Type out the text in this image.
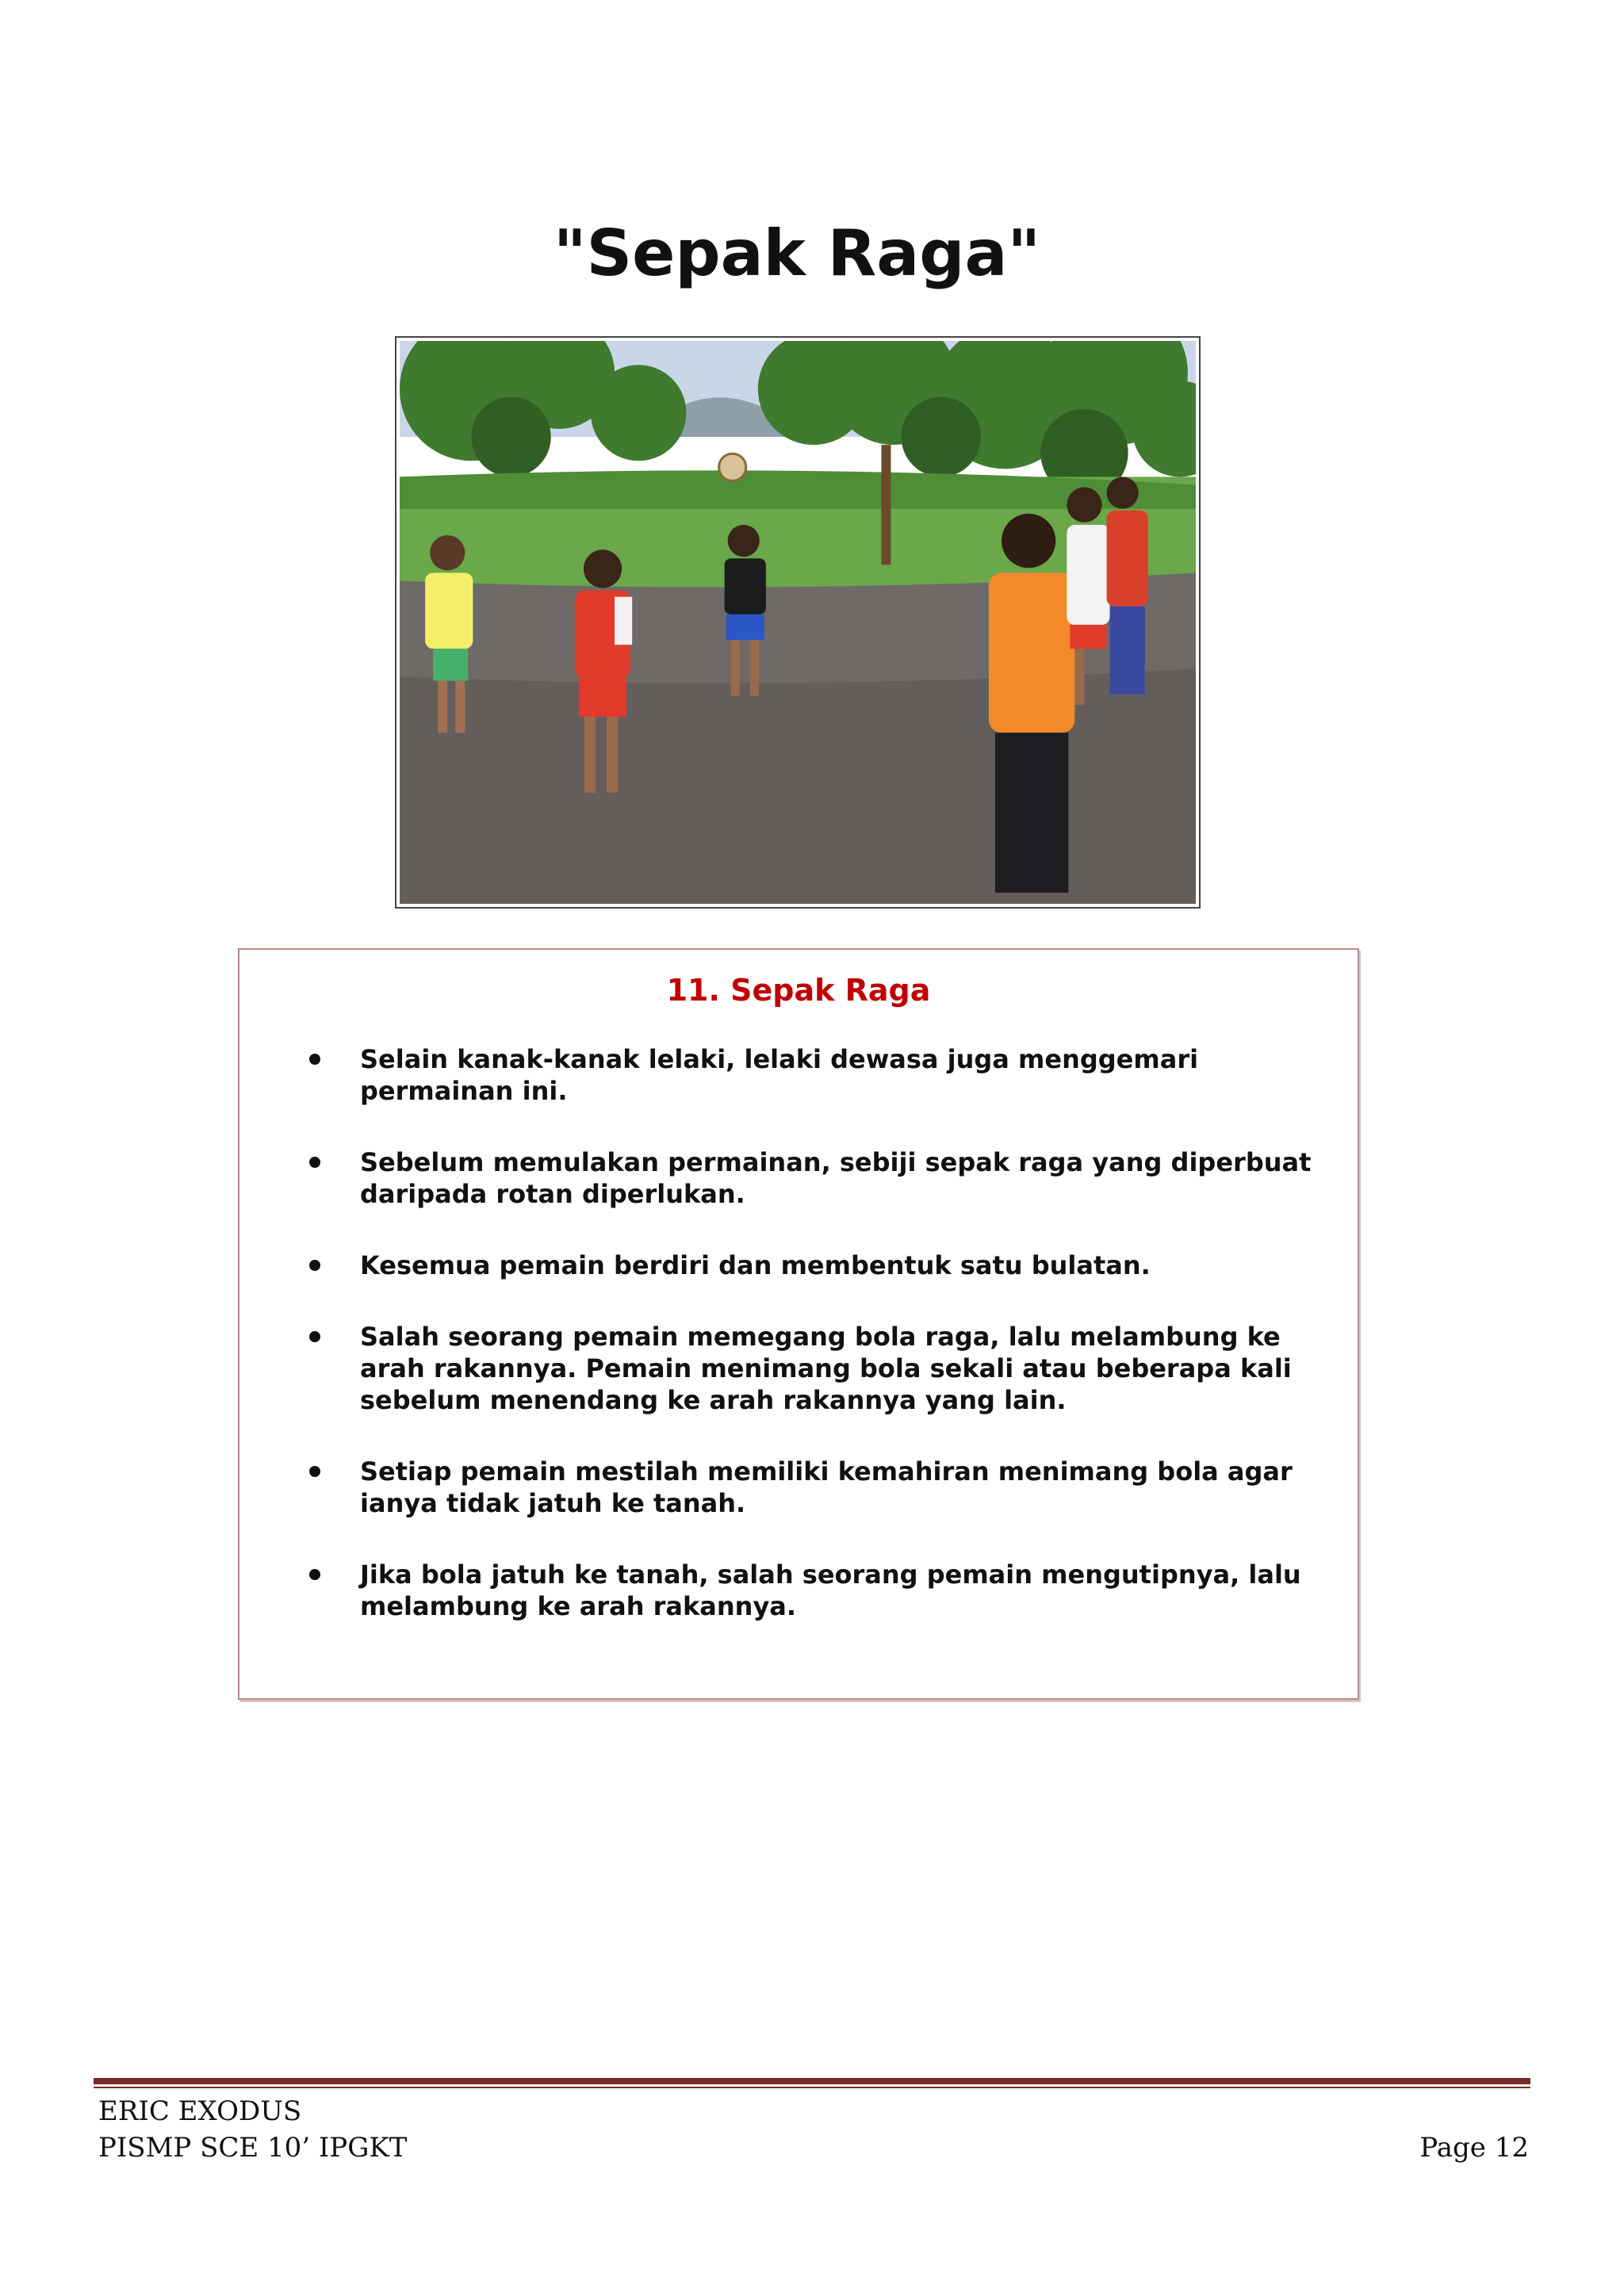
"Sepak Raga"
11. Sepak Raga
Selain kanak-kanak lelaki, lelaki dewasa juga menggemari permainan ini.
Sebelum memulakan permainan, sebiji sepak raga yang diperbuat daripada rotan diperlukan.
Kesemua pemain berdiri dan membentuk satu bulatan.
Salah seorang pemain memegang bola raga, lalu melambung ke arah rakannya. Pemain menimang bola sekali atau beberapa kali sebelum menendang ke arah rakannya yang lain.
Setiap pemain mestilah memiliki kemahiran menimang bola agar ianya tidak jatuh ke tanah.
Jika bola jatuh ke tanah, salah seorang pemain mengutipnya, lalu melambung ke arah rakannya.
ERIC EXODUS
PISMP SCE 10’ IPGKT	Page 12
